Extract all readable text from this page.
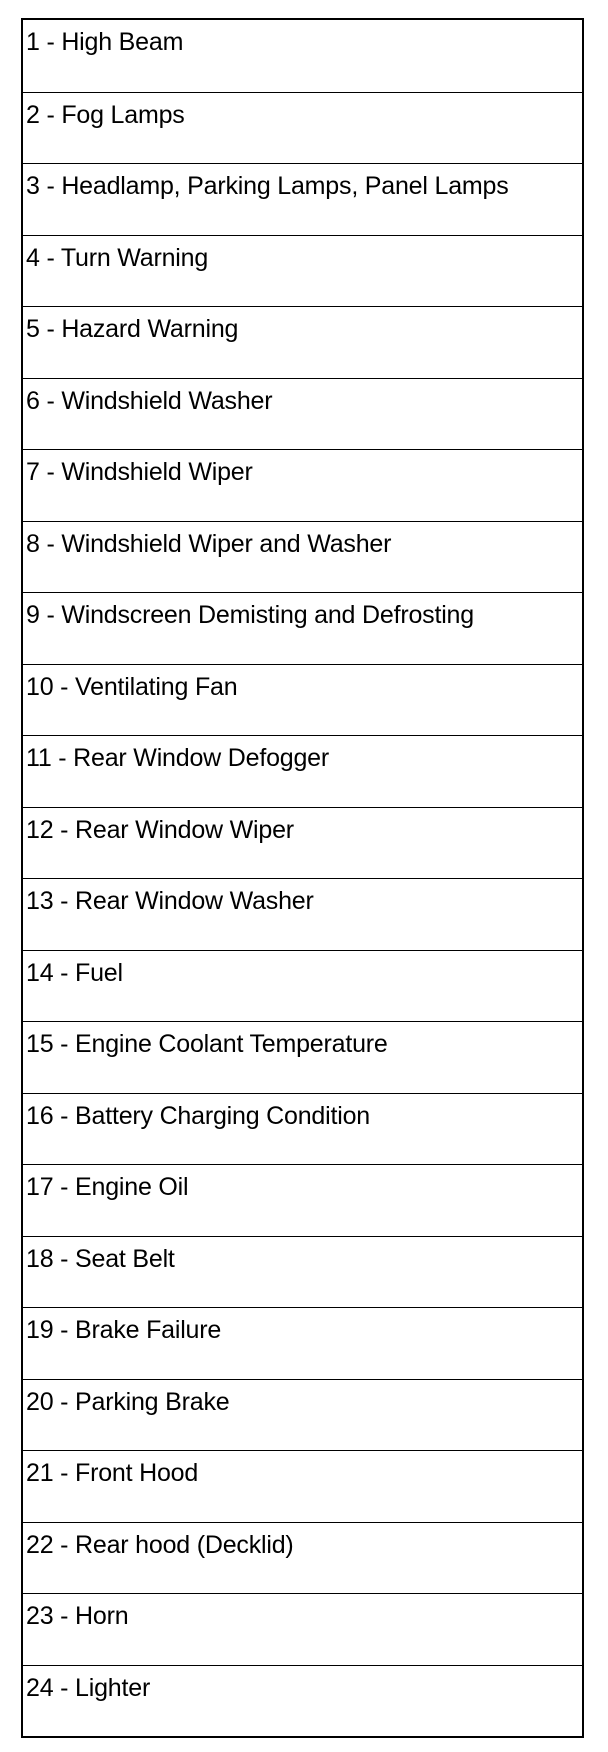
1 - High Beam
2 - Fog Lamps
3 - Headlamp, Parking Lamps, Panel Lamps
4 - Turn Warning
5 - Hazard Warning
6 - Windshield Washer
7 - Windshield Wiper
8 - Windshield Wiper and Washer
9 - Windscreen Demisting and Defrosting
10 - Ventilating Fan
11 - Rear Window Defogger
12 - Rear Window Wiper
13 - Rear Window Washer
14 - Fuel
15 - Engine Coolant Temperature
16 - Battery Charging Condition
17 - Engine Oil
18 - Seat Belt
19 - Brake Failure
20 - Parking Brake
21 - Front Hood
22 - Rear hood (Decklid)
23 - Horn
24 - Lighter
